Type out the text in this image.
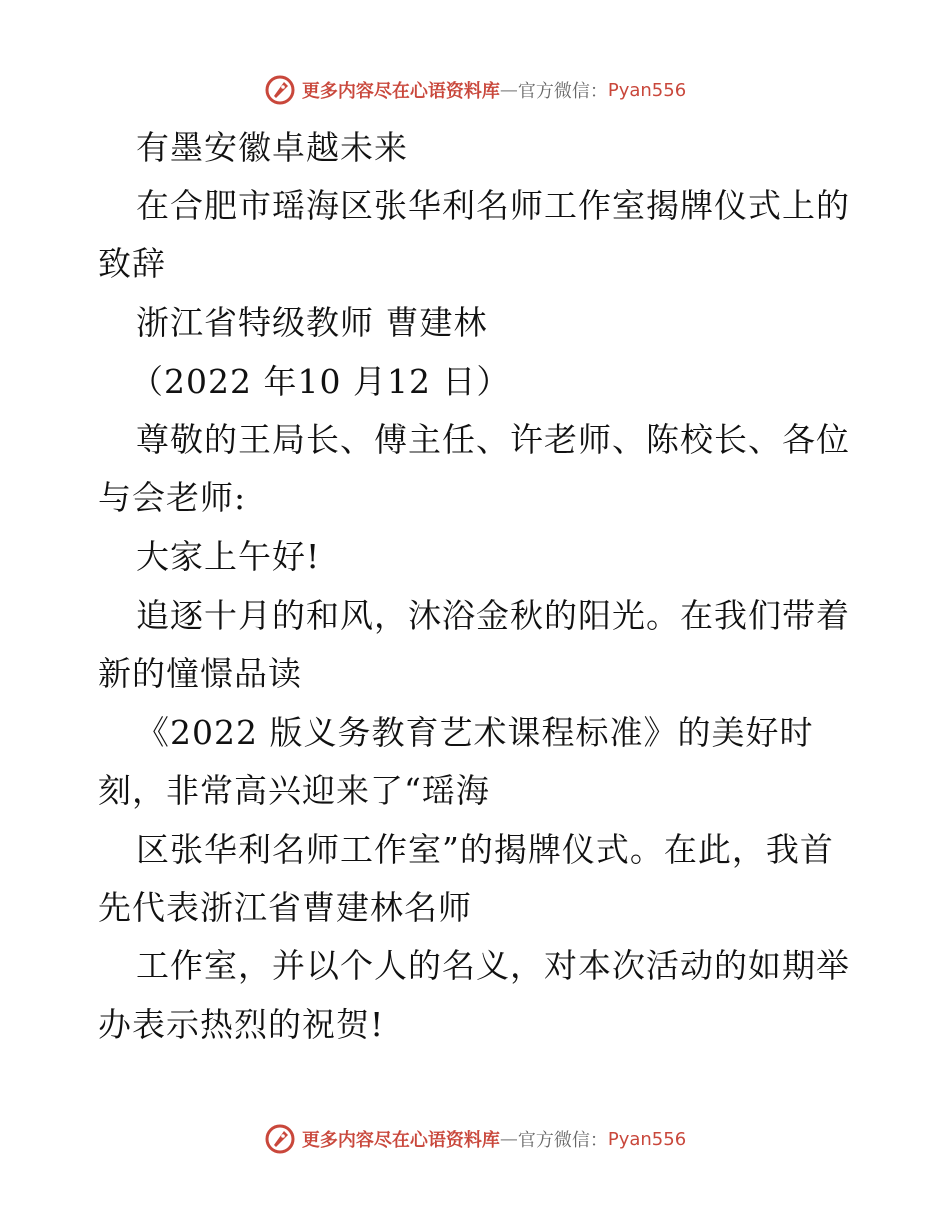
更多内容尽在心语资料库 — 官方微信： Pyan556
有墨安徽卓越未来
在合肥市瑶海区张华利名师工作室揭牌仪式上的
致辞
浙江省特级教师 曹建林
（2022 年10 月12 日）
尊敬的王局长、傅主任、许老师、陈校长、各位
与会老师:
大家上午好!
追逐十月的和风，沐浴金秋的阳光。在我们带着
新的憧憬品读
《2022 版义务教育艺术课程标准》的美好时
刻，非常高兴迎来了“瑶海
区张华利名师工作室”的揭牌仪式。在此，我首
先代表浙江省曹建林名师
工作室，并以个人的名义，对本次活动的如期举
办表示热烈的祝贺!
更多内容尽在心语资料库 — 官方微信： Pyan556
